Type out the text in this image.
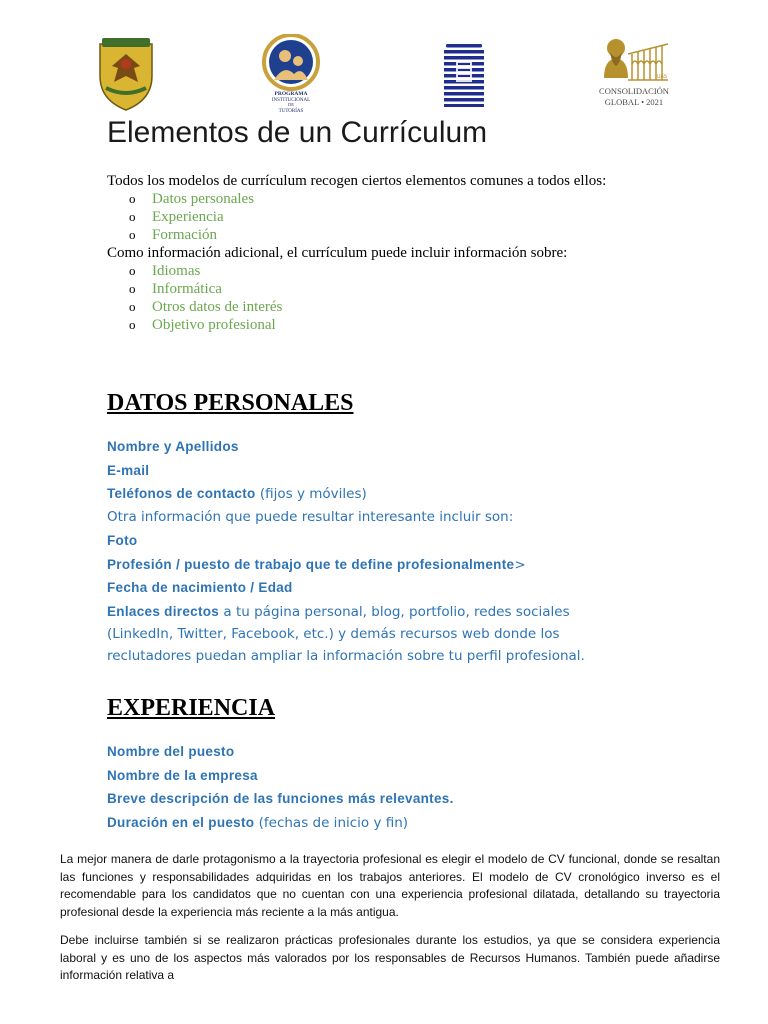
PROGRAMA
INSTITUCIONAL
DE
TUTORÍAS
UAS
CONSOLIDACIÓN
GLOBAL • 2021
Elementos de un Currículum

Todos los modelos de currículum recogen ciertos elementos comunes a todos ellos:

o Datos personales
o Experiencia
o Formación

Como información adicional, el currículum puede incluir información sobre:

o Idiomas
o Informática
o Otros datos de interés
o Objetivo profesional
DATOS PERSONALES
Nombre y Apellidos
E-mail
Teléfonos de contacto (fijos y móviles)
Otra información que puede resultar interesante incluir son:
Foto
Profesión / puesto de trabajo que te define profesionalmente>
Fecha de nacimiento / Edad
Enlaces directos a tu página personal, blog, portfolio, redes sociales (LinkedIn, Twitter, Facebook, etc.) y demás recursos web donde los reclutadores puedan ampliar la información sobre tu perfil profesional.
EXPERIENCIA
Nombre del puesto
Nombre de la empresa
Breve descripción de las funciones más relevantes.
Duración en el puesto (fechas de inicio y fin)

La mejor manera de darle protagonismo a la trayectoria profesional es elegir el modelo de CV funcional, donde se resaltan las funciones y responsabilidades adquiridas en los trabajos anteriores. El modelo de CV cronológico inverso es el recomendable para los candidatos que no cuentan con una experiencia profesional dilatada, detallando su trayectoria profesional desde la experiencia más reciente a la más antigua.

Debe incluirse también si se realizaron prácticas profesionales durante los estudios, ya que se considera experiencia laboral y es uno de los aspectos más valorados por los responsables de Recursos Humanos. También puede añadirse información relativa a
